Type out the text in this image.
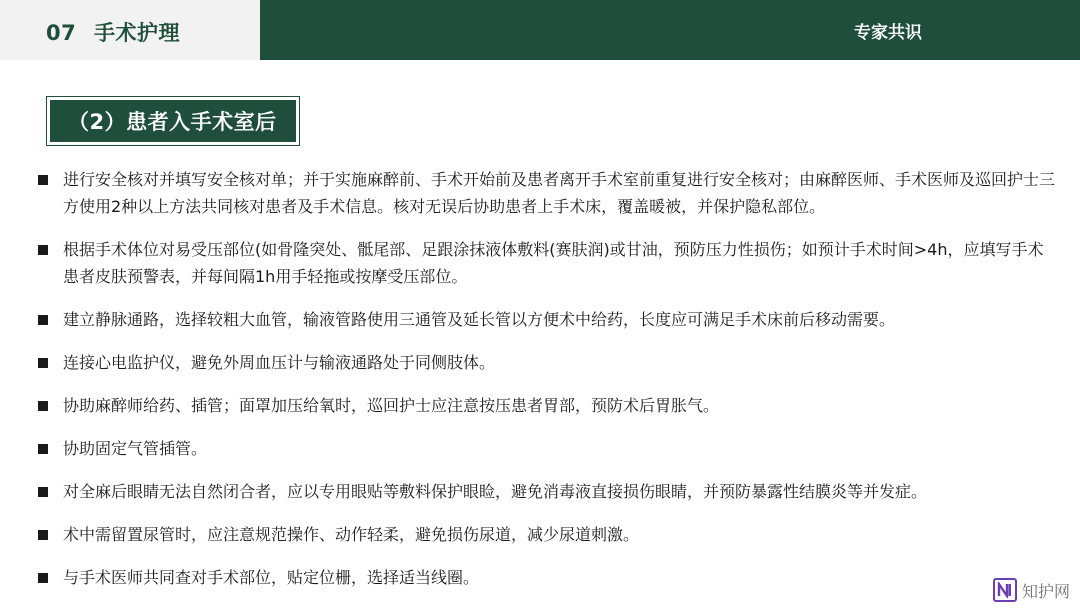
07 手术护理	专家共识
（2）患者入手术室后
进行安全核对并填写安全核对单；并于实施麻醉前、手术开始前及患者离开手术室前重复进行安全核对；由麻醉医师、手术医师及巡回护士三方使用2种以上方法共同核对患者及手术信息。核对无误后协助患者上手术床，覆盖暖被，并保护隐私部位。
根据手术体位对易受压部位(如骨隆突处、骶尾部、足跟涂抹液体敷料(赛肤润)或甘油，预防压力性损伤；如预计手术时间>4h，应填写手术患者皮肤预警表，并每间隔1h用手轻拖或按摩受压部位。
建立静脉通路，选择较粗大血管，输液管路使用三通管及延长管以方便术中给药，长度应可满足手术床前后移动需要。
连接心电监护仪，避免外周血压计与输液通路处于同侧肢体。
协助麻醉师给药、插管；面罩加压给氧时，巡回护士应注意按压患者胃部，预防术后胃胀气。
协助固定气管插管。
对全麻后眼睛无法自然闭合者，应以专用眼贴等敷料保护眼睑，避免消毒液直接损伤眼睛，并预防暴露性结膜炎等并发症。
术中需留置尿管时，应注意规范操作、动作轻柔，避免损伤尿道，减少尿道刺激。
与手术医师共同查对手术部位，贴定位栅，选择适当线圈。
知护网
